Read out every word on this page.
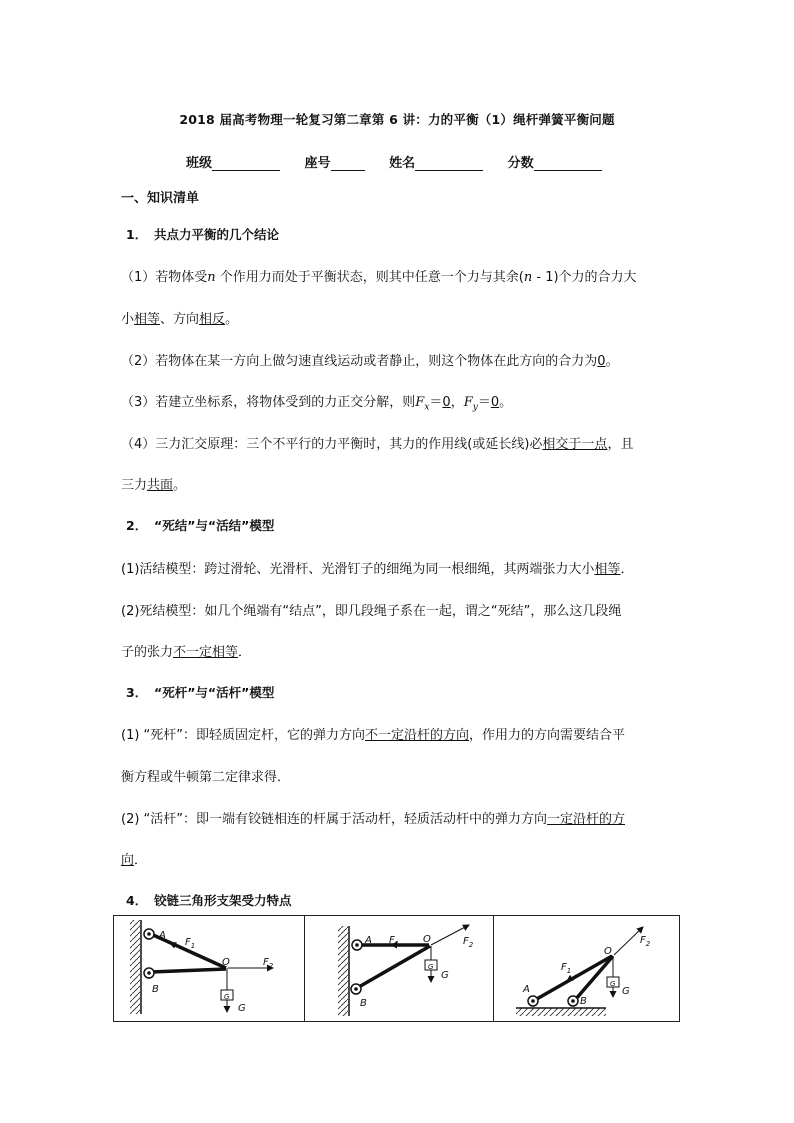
2018 届高考物理一轮复习第二章第 6 讲：力的平衡（1）绳杆弹簧平衡问题
班级	座号	姓名	分数
一、知识清单
1． 共点力平衡的几个结论
（1）若物体受n 个作用力而处于平衡状态，则其中任意一个力与其余(n - 1)个力的合力大
小相等、方向相反。
（2）若物体在某一方向上做匀速直线运动或者静止，则这个物体在此方向的合力为0。
（3）若建立坐标系，将物体受到的力正交分解，则$F_x=0$，$F_y=0$。
（4）三力汇交原理：三个不平行的力平衡时，其力的作用线(或延长线)必相交于一点，且
三力共面。
2． “死结”与“活结”模型
(1)活结模型：跨过滑轮、光滑杆、光滑钉子的细绳为同一根细绳，其两端张力大小相等．
(2)死结模型：如几个绳端有“结点”，即几段绳子系在一起，谓之“死结”，那么这几段绳
子的张力不一定相等．
3． “死杆”与“活杆”模型
(1) “死杆”：即轻质固定杆，它的弹力方向不一定沿杆的方向，作用力的方向需要结合平
衡方程或牛顿第二定律求得．
(2) “活杆”：即一端有铰链相连的杆属于活动杆，轻质活动杆中的弹力方向一定沿杆的方
向．
4． 铰链三角形支架受力特点
G
A
B
O
$F_1$
$F_2$
G
G
A
B
O
$F_1$	$F_2$
G
G
A
B
O
$F_1$
$F_2$
G
